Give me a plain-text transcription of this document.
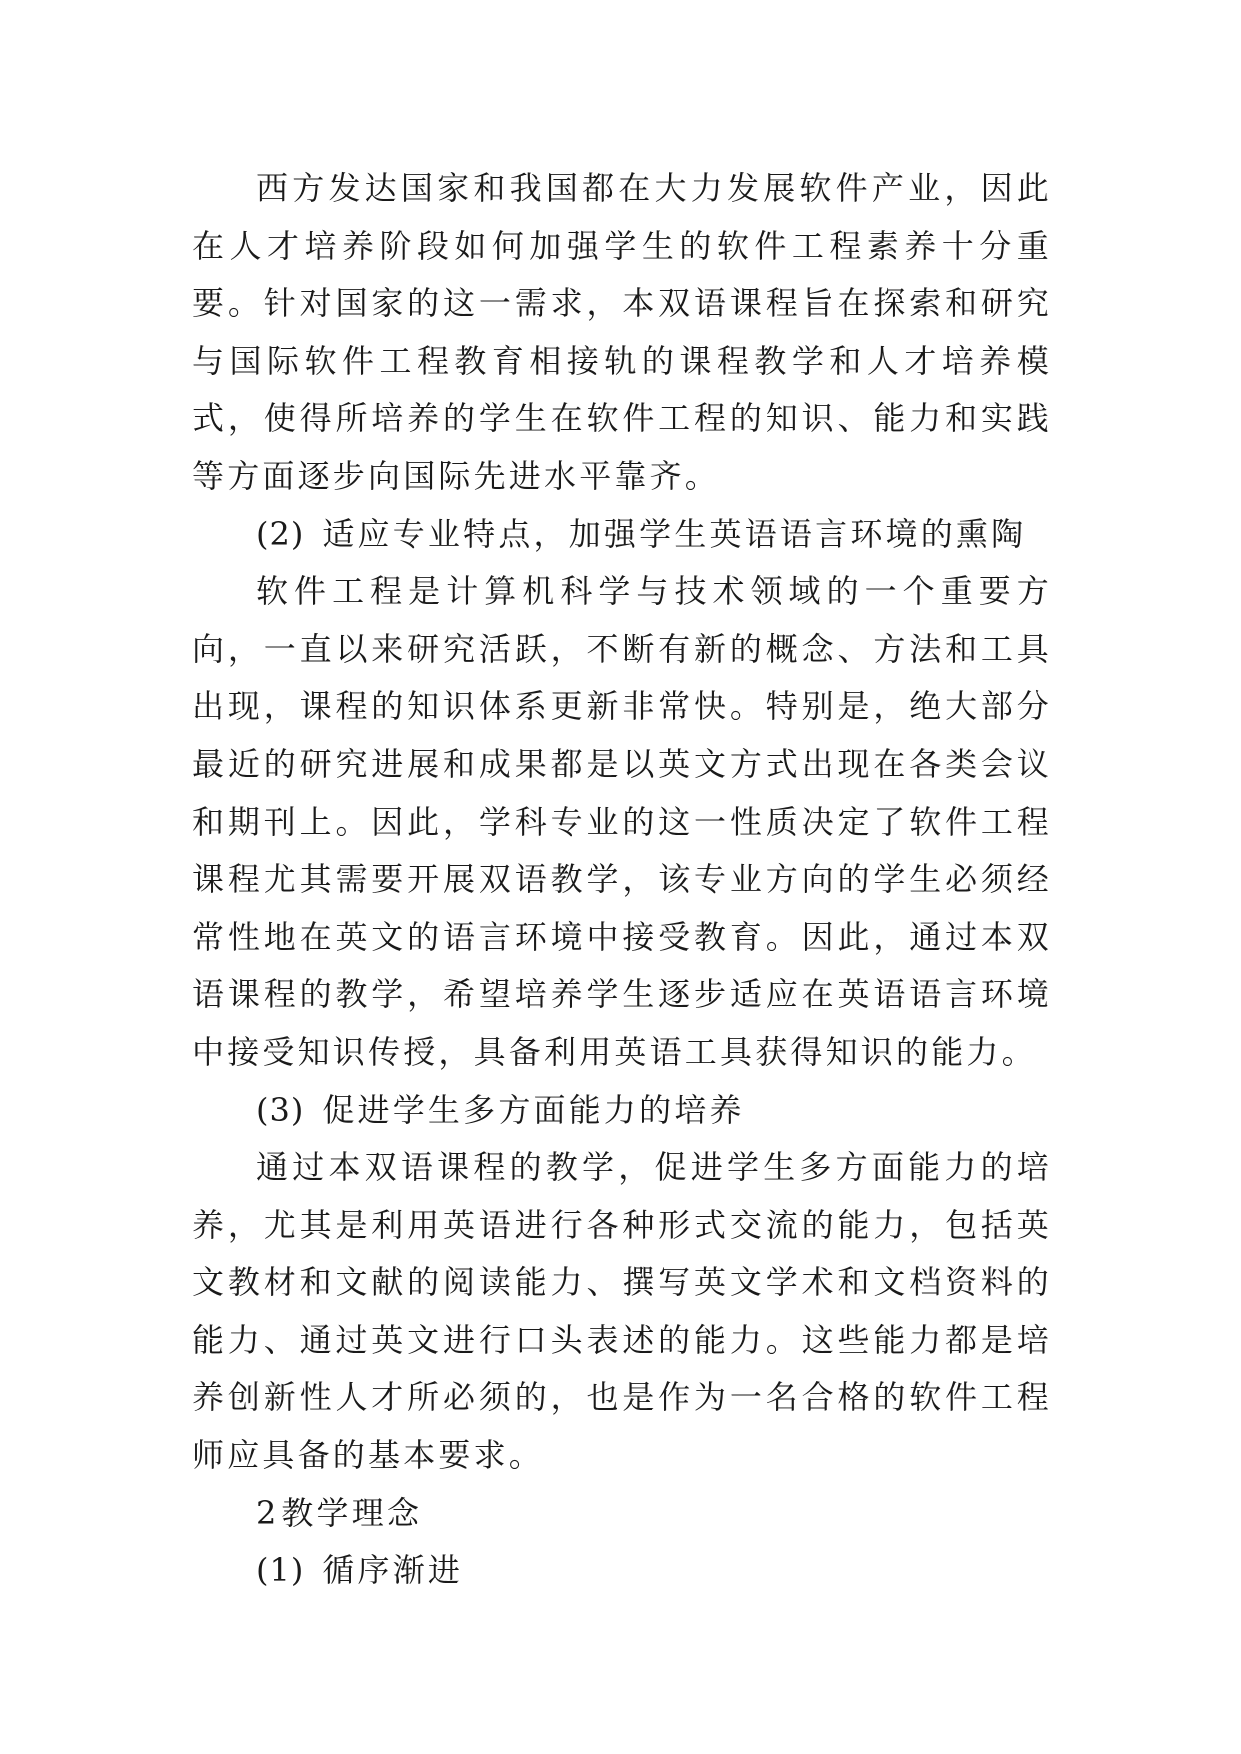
西方发达国家和我国都在大力发展软件产业，因此在人才培养阶段如何加强学生的软件工程素养十分重要。针对国家的这一需求，本双语课程旨在探索和研究与国际软件工程教育相接轨的课程教学和人才培养模式，使得所培养的学生在软件工程的知识、能力和实践等方面逐步向国际先进水平靠齐。

(2) 适应专业特点，加强学生英语语言环境的熏陶

软件工程是计算机科学与技术领域的一个重要方向，一直以来研究活跃，不断有新的概念、方法和工具出现，课程的知识体系更新非常快。特别是，绝大部分最近的研究进展和成果都是以英文方式出现在各类会议和期刊上。因此，学科专业的这一性质决定了软件工程课程尤其需要开展双语教学，该专业方向的学生必须经常性地在英文的语言环境中接受教育。因此，通过本双语课程的教学，希望培养学生逐步适应在英语语言环境中接受知识传授，具备利用英语工具获得知识的能力。

(3) 促进学生多方面能力的培养

通过本双语课程的教学，促进学生多方面能力的培养，尤其是利用英语进行各种形式交流的能力，包括英文教材和文献的阅读能力、撰写英文学术和文档资料的能力、通过英文进行口头表述的能力。这些能力都是培养创新性人才所必须的，也是作为一名合格的软件工程师应具备的基本要求。

2 教学理念

(1) 循序渐进
